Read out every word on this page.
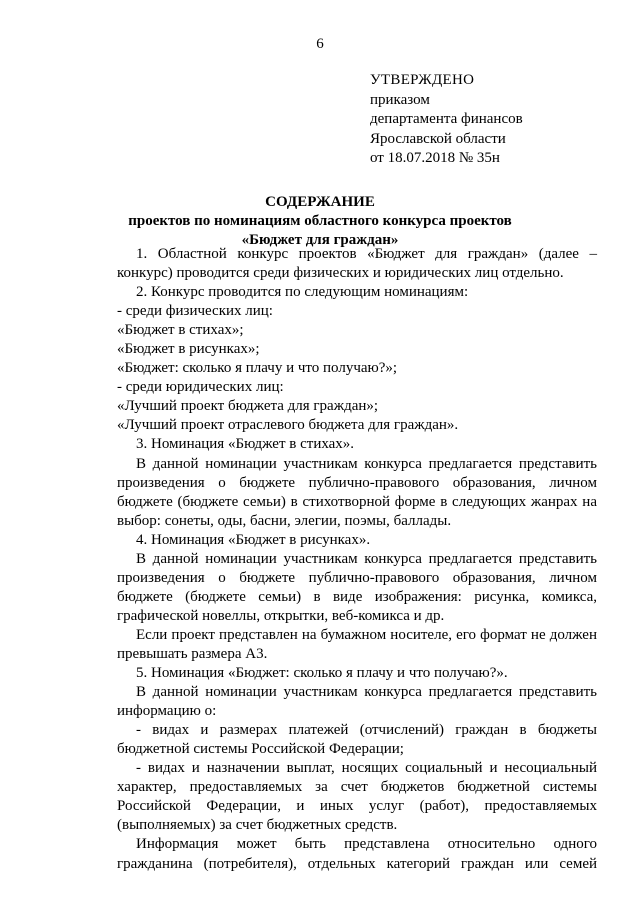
6
УТВЕРЖДЕНО
приказом
департамента финансов
Ярославской области
от 18.07.2018 № 35н
СОДЕРЖАНИЕ
проектов по номинациям областного конкурса проектов
«Бюджет для граждан»

1. Областной конкурс проектов «Бюджет для граждан» (далее – конкурс) проводится среди физических и юридических лиц отдельно.

2. Конкурс проводится по следующим номинациям:

- среди физических лиц:

«Бюджет в стихах»;

«Бюджет в рисунках»;

«Бюджет: сколько я плачу и что получаю?»;

- среди юридических лиц:

«Лучший проект бюджета для граждан»;

«Лучший проект отраслевого бюджета для граждан».

3. Номинация «Бюджет в стихах».

В данной номинации участникам конкурса предлагается представить произведения о бюджете публично-правового образования, личном бюджете (бюджете семьи) в стихотворной форме в следующих жанрах на выбор: сонеты, оды, басни, элегии, поэмы, баллады.

4. Номинация «Бюджет в рисунках».

В данной номинации участникам конкурса предлагается представить произведения о бюджете публично-правового образования, личном бюджете (бюджете семьи) в виде изображения: рисунка, комикса, графической новеллы, открытки, веб-комикса и др.

Если проект представлен на бумажном носителе, его формат не должен превышать размера А3.

5. Номинация «Бюджет: сколько я плачу и что получаю?».

В данной номинации участникам конкурса предлагается представить информацию о:

- видах и размерах платежей (отчислений) граждан в бюджеты бюджетной системы Российской Федерации;

- видах и назначении выплат, носящих социальный и несоциальный характер, предоставляемых за счет бюджетов бюджетной системы Российской Федерации, и иных услуг (работ), предоставляемых (выполняемых) за счет бюджетных средств.

Информация может быть представлена относительно одного гражданина (потребителя), отдельных категорий граждан или семей
